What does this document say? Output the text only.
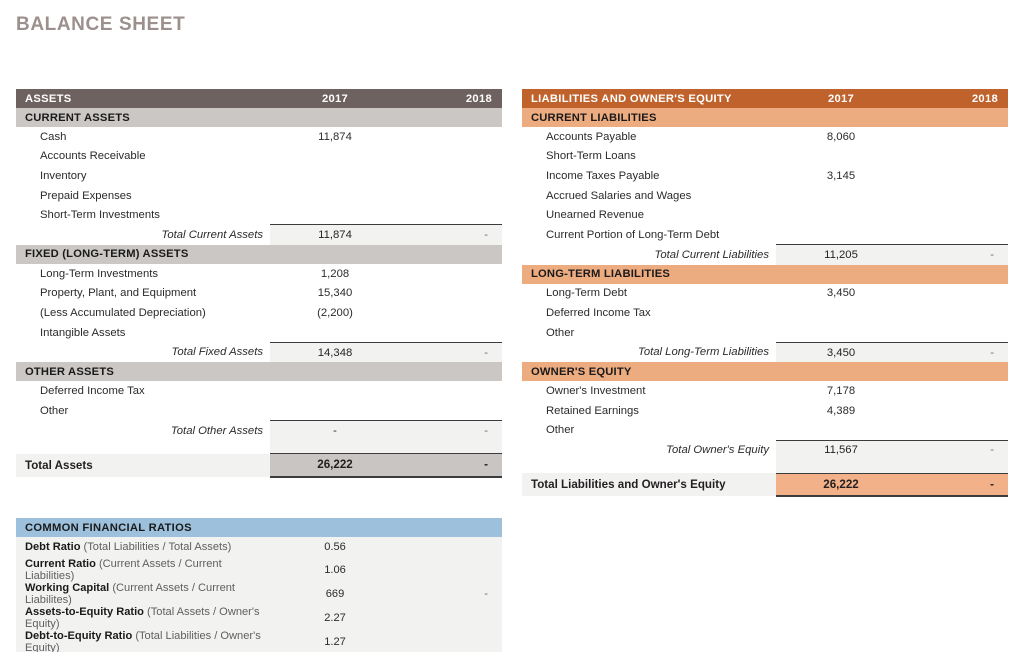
BALANCE SHEET
ASSETS	2017	2018
CURRENT ASSETS		
Cash	11,874	
Accounts Receivable		
Inventory		
Prepaid Expenses		
Short-Term Investments		
Total Current Assets	11,874	-
FIXED (LONG-TERM) ASSETS		
Long-Term Investments	1,208	
Property, Plant, and Equipment	15,340	
(Less Accumulated Depreciation)	(2,200)	
Intangible Assets		
Total Fixed Assets	14,348	-
OTHER ASSETS		
Deferred Income Tax		
Other		
Total Other Assets	-	-

Total Assets	26,222	-
LIABILITIES AND OWNER'S EQUITY	2017	2018
CURRENT LIABILITIES		
Accounts Payable	8,060	
Short-Term Loans		
Income Taxes Payable	3,145	
Accrued Salaries and Wages		
Unearned Revenue		
Current Portion of Long-Term Debt		
Total Current Liabilities	11,205	-
LONG-TERM LIABILITIES		
Long-Term Debt	3,450	
Deferred Income Tax		
Other		
Total Long-Term Liabilities	3,450	-
OWNER'S EQUITY		
Owner's Investment	7,178	
Retained Earnings	4,389	
Other		
Total Owner's Equity	11,567	-

Total Liabilities and Owner's Equity	26,222	-
COMMON FINANCIAL RATIOS		
Debt Ratio (Total Liabilities / Total Assets)	0.56	
Current Ratio (Current Assets / Current Liabilities)	1.06	
Working Capital (Current Assets / Current Liabilites)	669	-
Assets-to-Equity Ratio (Total Assets / Owner's Equity)	2.27	
Debt-to-Equity Ratio (Total Liabilities / Owner's Equity)	1.27	
